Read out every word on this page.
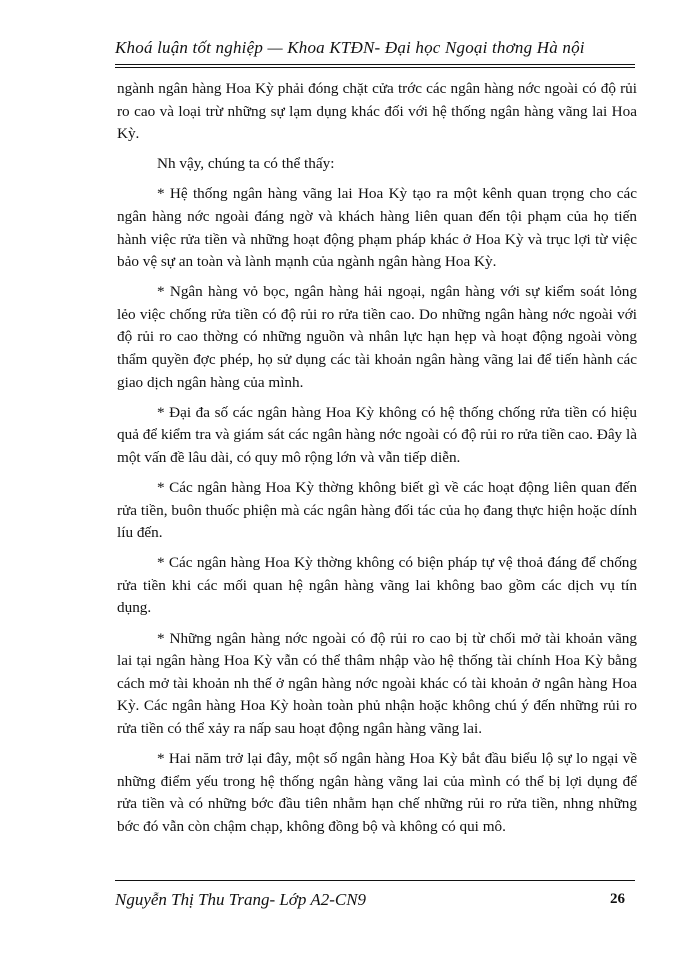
Khoá luận tốt nghiệp — Khoa KTĐN- Đại học Ngoại thơng Hà nội

ngành ngân hàng Hoa Kỳ phải đóng chặt cửa trớc các ngân hàng nớc ngoài có độ rủi ro cao và loại trừ những sự lạm dụng khác đối với hệ thống ngân hàng vãng lai Hoa Kỳ.

Nh vậy, chúng ta có thể thấy:

* Hệ thống ngân hàng vãng lai Hoa Kỳ tạo ra một kênh quan trọng cho các ngân hàng nớc ngoài đáng ngờ và khách hàng liên quan đến tội phạm của họ tiến hành việc rửa tiền và những hoạt động phạm pháp khác ở Hoa Kỳ và trục lợi từ việc bảo vệ sự an toàn và lành mạnh của ngành ngân hàng Hoa Kỳ.

* Ngân hàng vỏ bọc, ngân hàng hải ngoại, ngân hàng với sự kiểm soát lỏng lẻo việc chống rửa tiền có độ rủi ro rửa tiền cao. Do những ngân hàng nớc ngoài với độ rủi ro cao thờng có những nguồn và nhân lực hạn hẹp và hoạt động ngoài vòng thẩm quyền đợc phép, họ sử dụng các tài khoản ngân hàng vãng lai để tiến hành các giao dịch ngân hàng của mình.

* Đại đa số các ngân hàng Hoa Kỳ không có hệ thống chống rửa tiền có hiệu quả để kiểm tra và giám sát các ngân hàng nớc ngoài có độ rủi ro rửa tiền cao. Đây là một vấn đề lâu dài, có quy mô rộng lớn và vẫn tiếp diễn.

* Các ngân hàng Hoa Kỳ thờng không biết gì về các hoạt động liên quan đến rửa tiền, buôn thuốc phiện mà các ngân hàng đối tác của họ đang thực hiện hoặc dính líu đến.

* Các ngân hàng Hoa Kỳ thờng không có biện pháp tự vệ thoả đáng để chống rửa tiền khi các mối quan hệ ngân hàng vãng lai không bao gồm các dịch vụ tín dụng.

* Những ngân hàng nớc ngoài có độ rủi ro cao bị từ chối mở tài khoản vãng lai tại ngân hàng Hoa Kỳ vẫn có thể thâm nhập vào hệ thống tài chính Hoa Kỳ bằng cách mở tài khoản nh thế ở ngân hàng nớc ngoài khác có tài khoản ở ngân hàng Hoa Kỳ. Các ngân hàng Hoa Kỳ hoàn toàn phủ nhận hoặc không chú ý đến những rủi ro rửa tiền có thể xảy ra nấp sau hoạt động ngân hàng vãng lai.

* Hai năm trở lại đây, một số ngân hàng Hoa Kỳ bắt đầu biểu lộ sự lo ngại về những điểm yếu trong hệ thống ngân hàng vãng lai của mình có thể bị lợi dụng để rửa tiền và có những bớc đầu tiên nhằm hạn chế những rủi ro rửa tiền, nhng những bớc đó vẫn còn chậm chạp, không đồng bộ và không có qui mô.

Nguyễn Thị Thu Trang- Lớp A2-CN9	26
